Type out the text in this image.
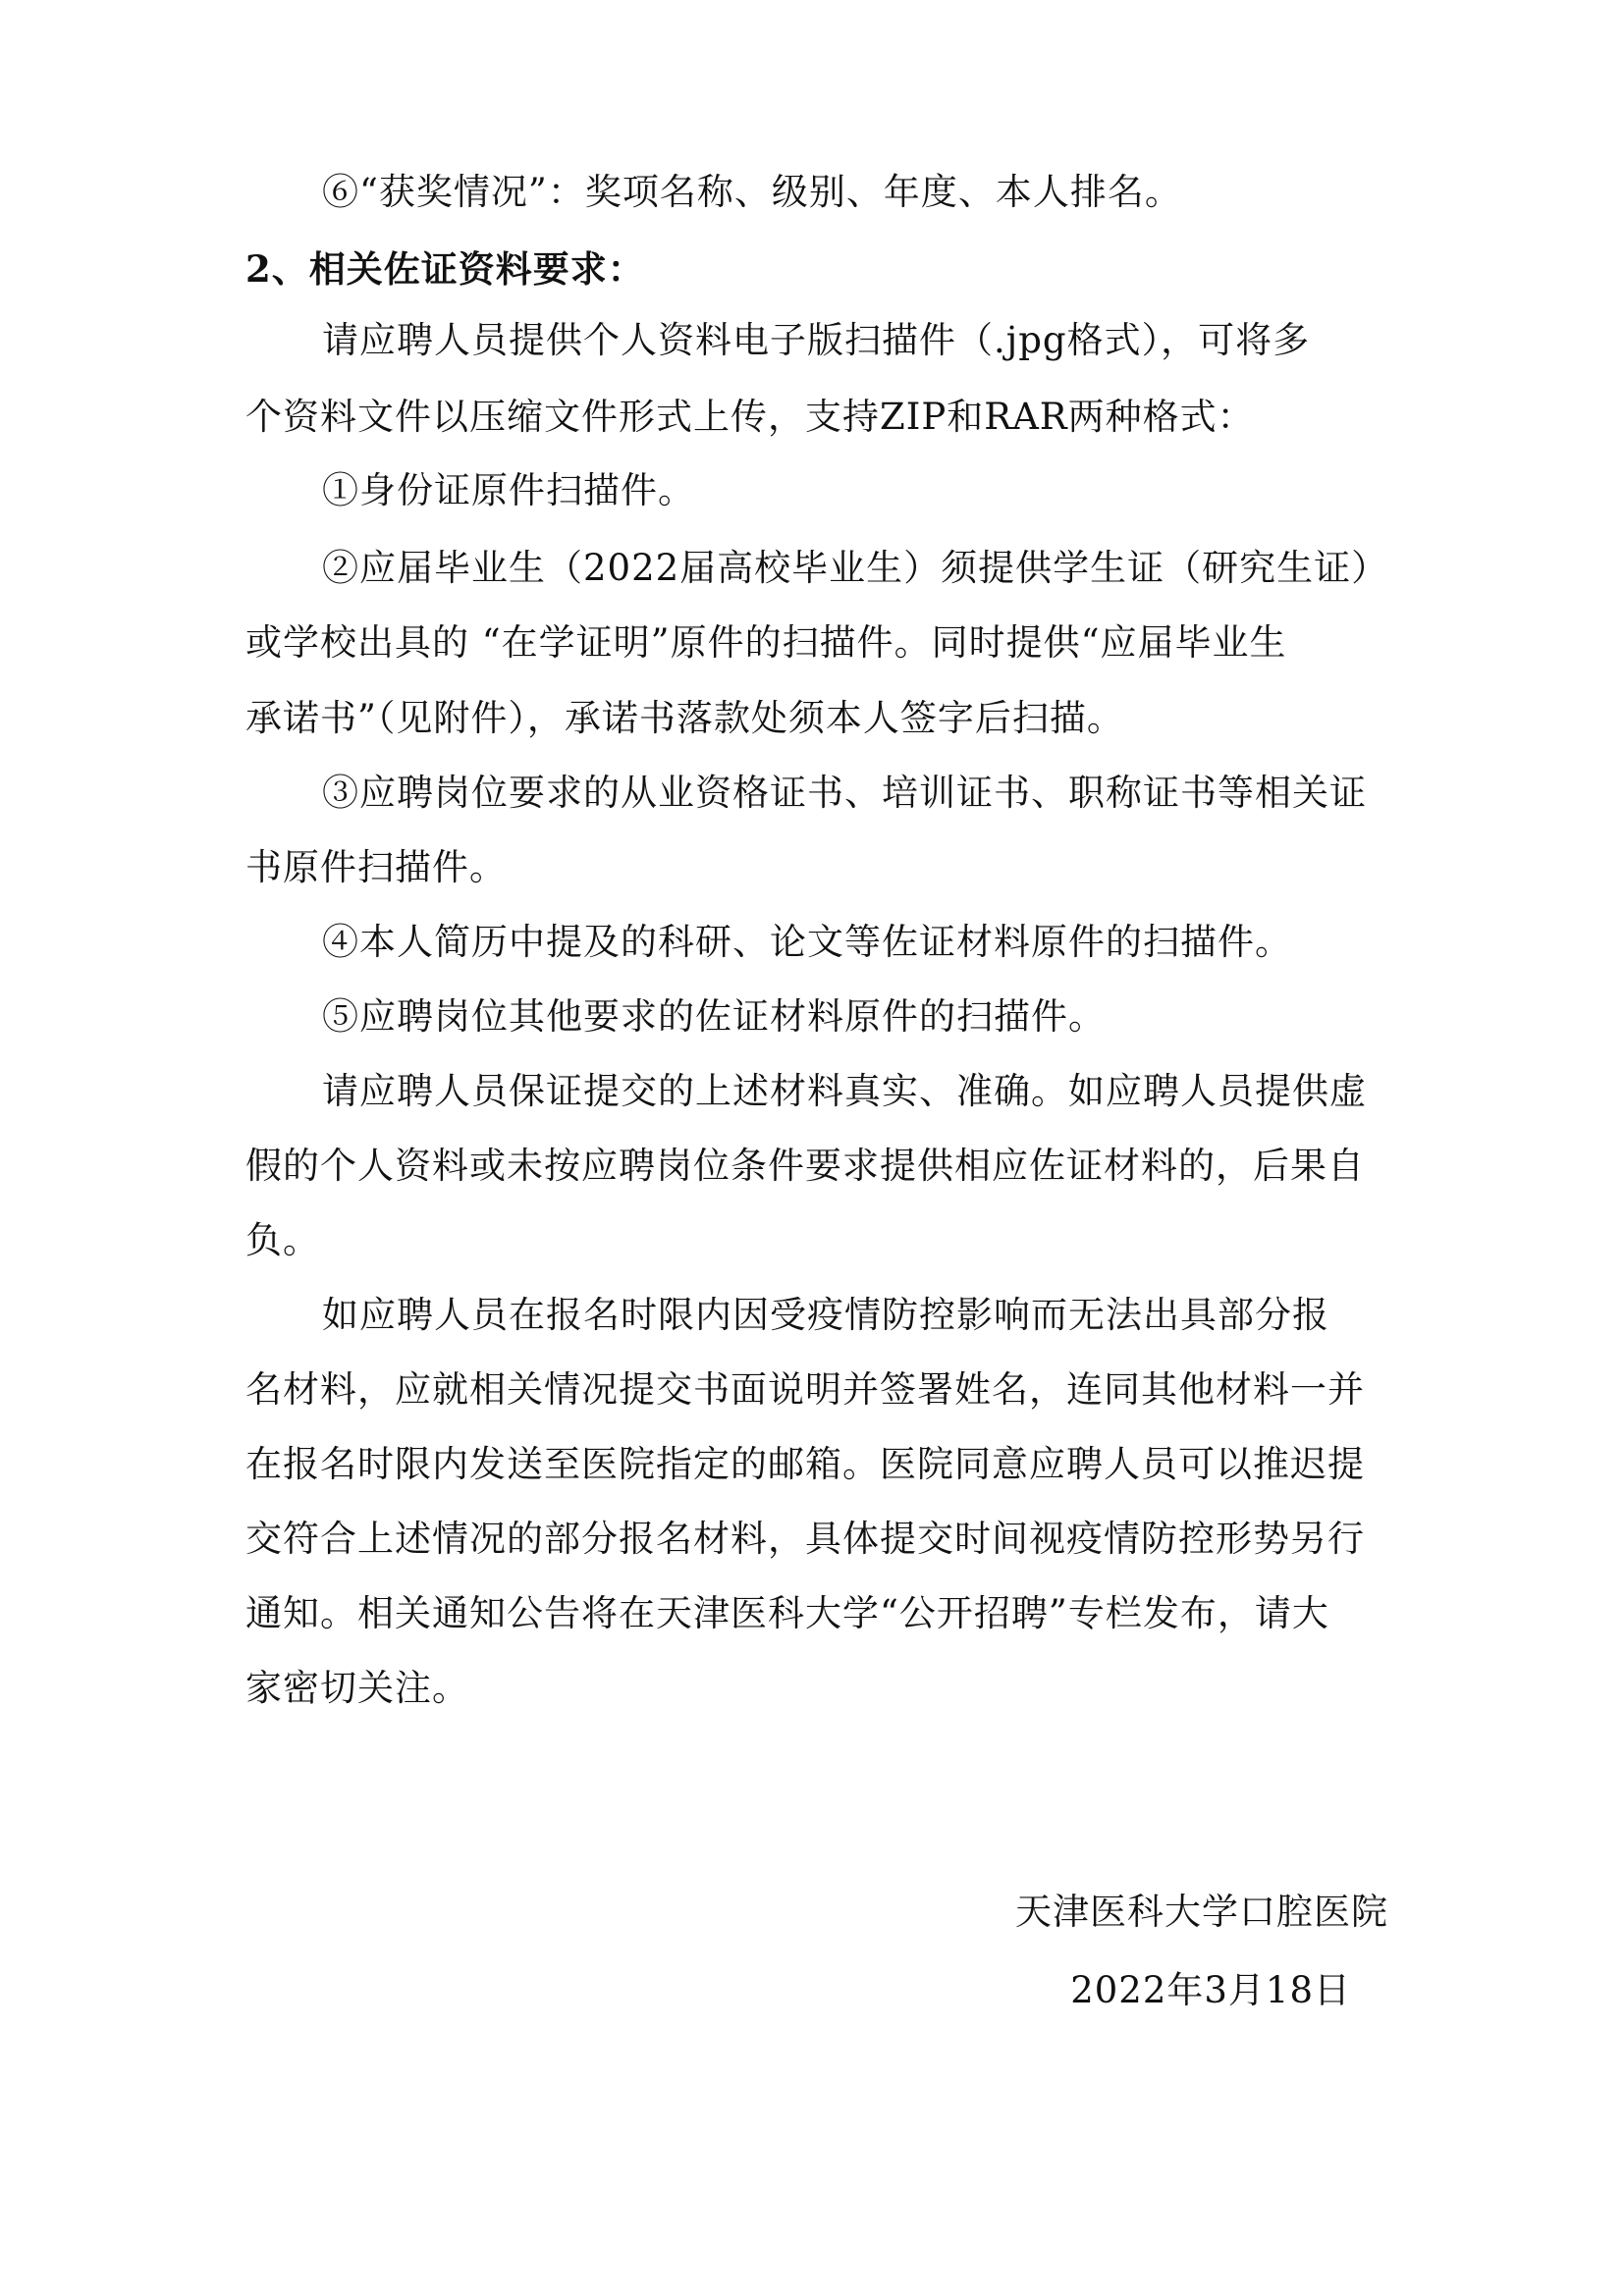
⑥“获奖情况”：奖项名称、级别、年度、本人排名。
2、相关佐证资料要求：
请应聘人员提供个人资料电子版扫描件（.jpg格式），可将多
个资料文件以压缩文件形式上传，支持ZIP和RAR两种格式：
①身份证原件扫描件。
②应届毕业生（2022届高校毕业生）须提供学生证（研究生证）
或学校出具的 “在学证明”原件的扫描件。同时提供“应届毕业生
承诺书”（见附件），承诺书落款处须本人签字后扫描。
③应聘岗位要求的从业资格证书、培训证书、职称证书等相关证
书原件扫描件。
④本人简历中提及的科研、论文等佐证材料原件的扫描件。
⑤应聘岗位其他要求的佐证材料原件的扫描件。
请应聘人员保证提交的上述材料真实、准确。如应聘人员提供虚
假的个人资料或未按应聘岗位条件要求提供相应佐证材料的，后果自
负。
如应聘人员在报名时限内因受疫情防控影响而无法出具部分报
名材料，应就相关情况提交书面说明并签署姓名，连同其他材料一并
在报名时限内发送至医院指定的邮箱。医院同意应聘人员可以推迟提
交符合上述情况的部分报名材料，具体提交时间视疫情防控形势另行
通知。相关通知公告将在天津医科大学“公开招聘”专栏发布，请大
家密切关注。
天津医科大学口腔医院
2022年3月18日
